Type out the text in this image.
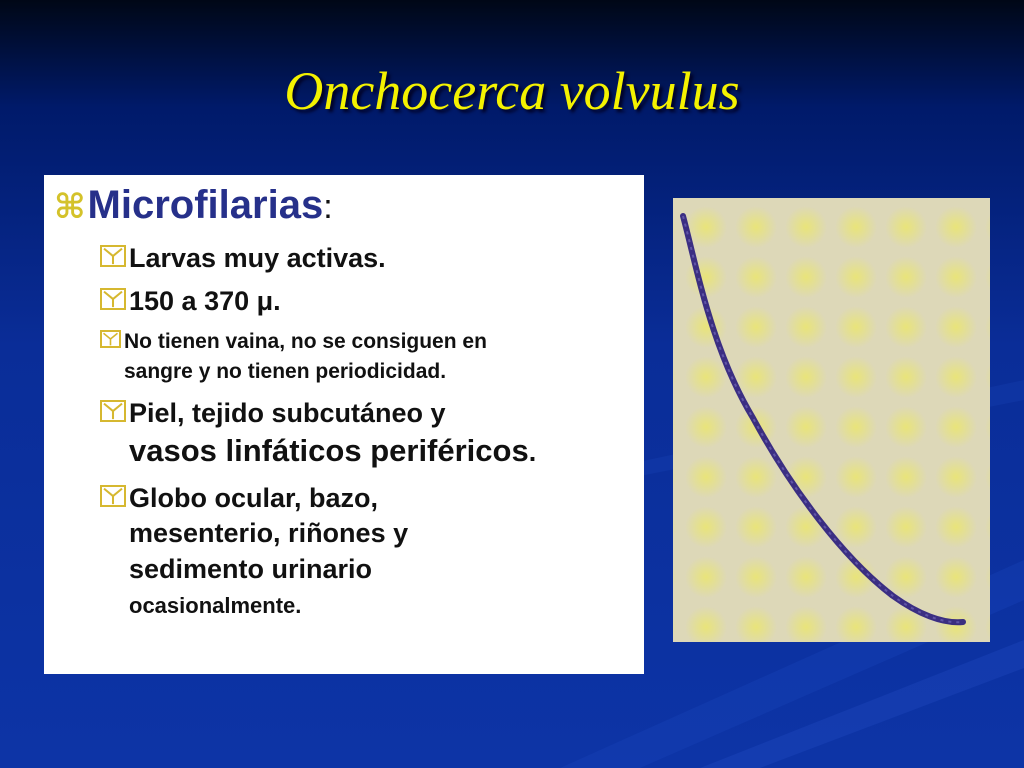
Onchocerca volvulus
⌘ Microfilarias :
Larvas muy activas.
150 a 370 μ.
No tienen vaina, no se consiguen en
sangre y no tienen periodicidad.
Piel, tejido subcutáneo y
vasos linfáticos periféricos.
Globo ocular, bazo,
mesenterio, riñones y
sedimento urinario
ocasionalmente.
